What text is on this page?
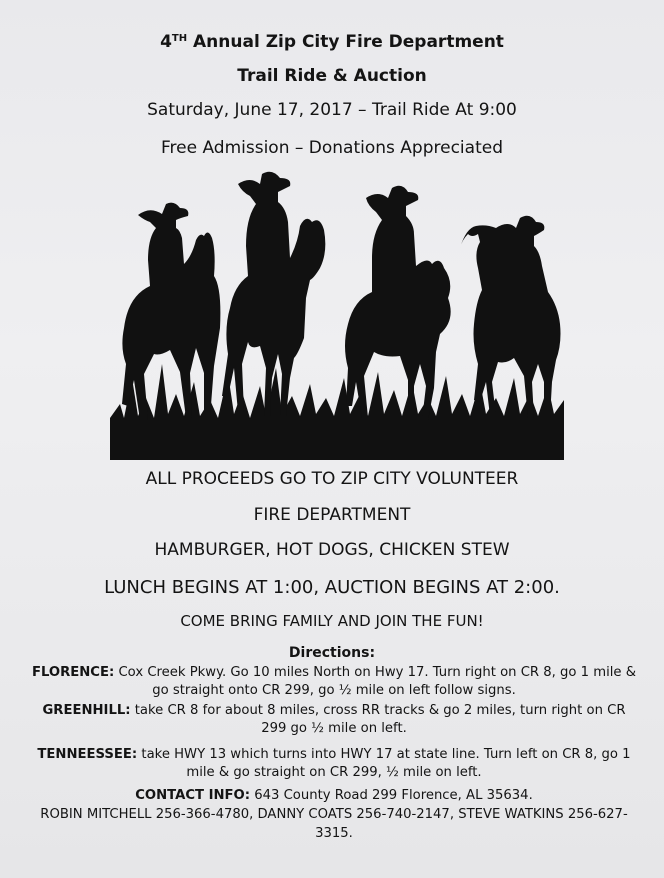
4TH Annual Zip City Fire Department
Trail Ride & Auction
Saturday, June 17, 2017 – Trail Ride At 9:00
Free Admission – Donations Appreciated
ALL PROCEEDS GO TO ZIP CITY VOLUNTEER
FIRE DEPARTMENT
HAMBURGER, HOT DOGS, CHICKEN STEW
LUNCH BEGINS AT 1:00, AUCTION BEGINS AT 2:00.
COME BRING FAMILY AND JOIN THE FUN!
Directions:
FLORENCE: Cox Creek Pkwy. Go 10 miles North on Hwy 17. Turn right on CR 8, go 1 mile & go straight onto CR 299, go ½ mile on left follow signs.
GREENHILL: take CR 8 for about 8 miles, cross RR tracks & go 2 miles, turn right on CR 299 go ½ mile on left.
TENNEESSEE: take HWY 13 which turns into HWY 17 at state line. Turn left on CR 8, go 1 mile & go straight on CR 299, ½ mile on left.
CONTACT INFO: 643 County Road 299 Florence, AL 35634.
ROBIN MITCHELL 256-366-4780, DANNY COATS 256-740-2147, STEVE WATKINS 256-627-3315.
